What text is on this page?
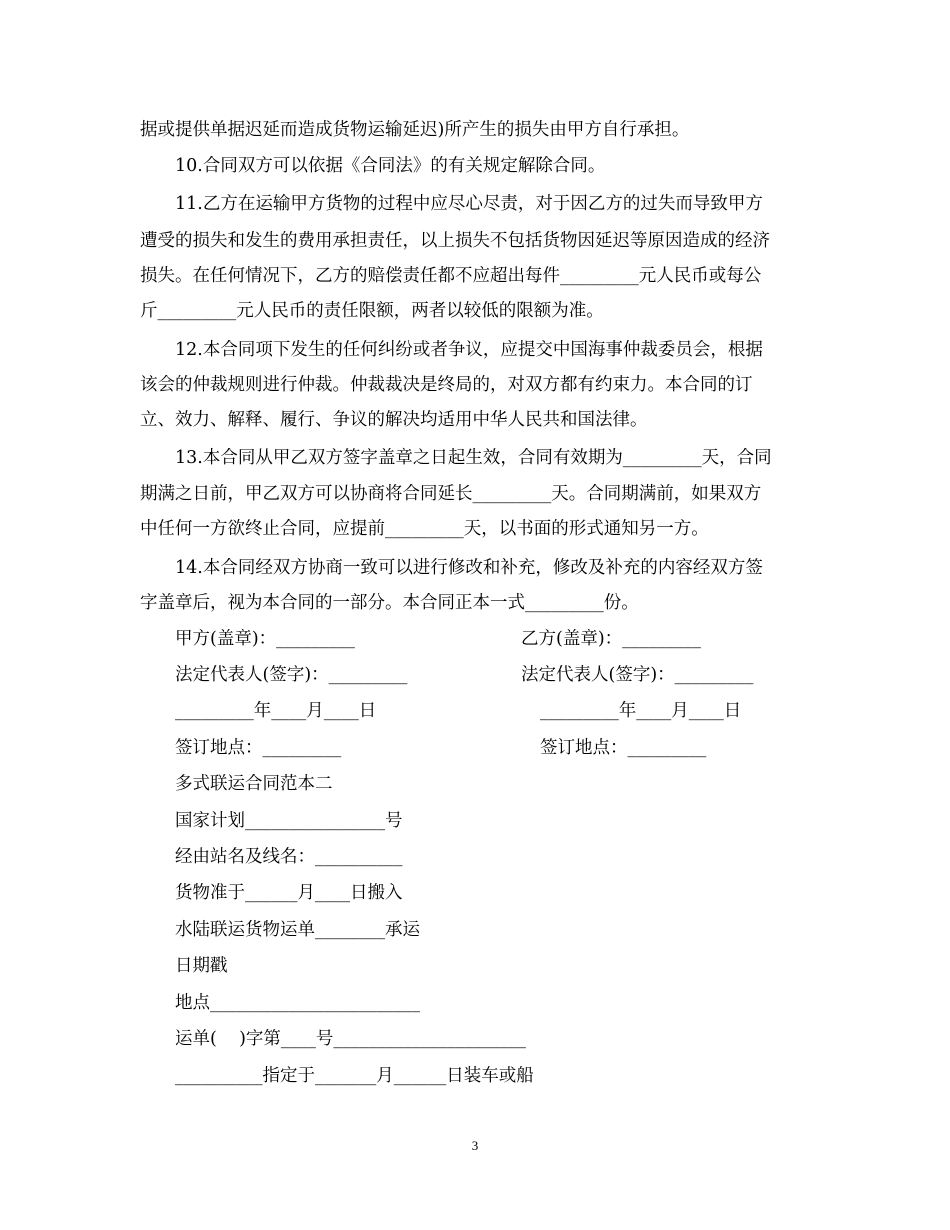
据或提供单据迟延而造成货物运输延迟)所产生的损失由甲方自行承担。
10.合同双方可以依据《合同法》的有关规定解除合同。
11.乙方在运输甲方货物的过程中应尽心尽责，对于因乙方的过失而导致甲方
遭受的损失和发生的费用承担责任，以上损失不包括货物因延迟等原因造成的经济
损失。在任何情况下，乙方的赔偿责任都不应超出每件_________元人民币或每公
斤_________元人民币的责任限额，两者以较低的限额为准。
12.本合同项下发生的任何纠纷或者争议，应提交中国海事仲裁委员会，根据
该会的仲裁规则进行仲裁。仲裁裁决是终局的，对双方都有约束力。本合同的订
立、效力、解释、履行、争议的解决均适用中华人民共和国法律。
13.本合同从甲乙双方签字盖章之日起生效，合同有效期为_________天，合同
期满之日前，甲乙双方可以协商将合同延长_________天。合同期满前，如果双方
中任何一方欲终止合同，应提前_________天，以书面的形式通知另一方。
14.本合同经双方协商一致可以进行修改和补充，修改及补充的内容经双方签
字盖章后，视为本合同的一部分。本合同正本一式_________份。
甲方(盖章)：_________	乙方(盖章)：_________
法定代表人(签字)：_________	法定代表人(签字)：_________
_________年____月____日	_________年____月____日
签订地点：_________	签订地点：_________
多式联运合同范本二
国家计划________________号
经由站名及线名：__________
货物准于______月____日搬入
水陆联运货物运单________承运
日期戳
地点________________________
运单(    )字第____号______________________
__________指定于_______月______日装车或船
3
